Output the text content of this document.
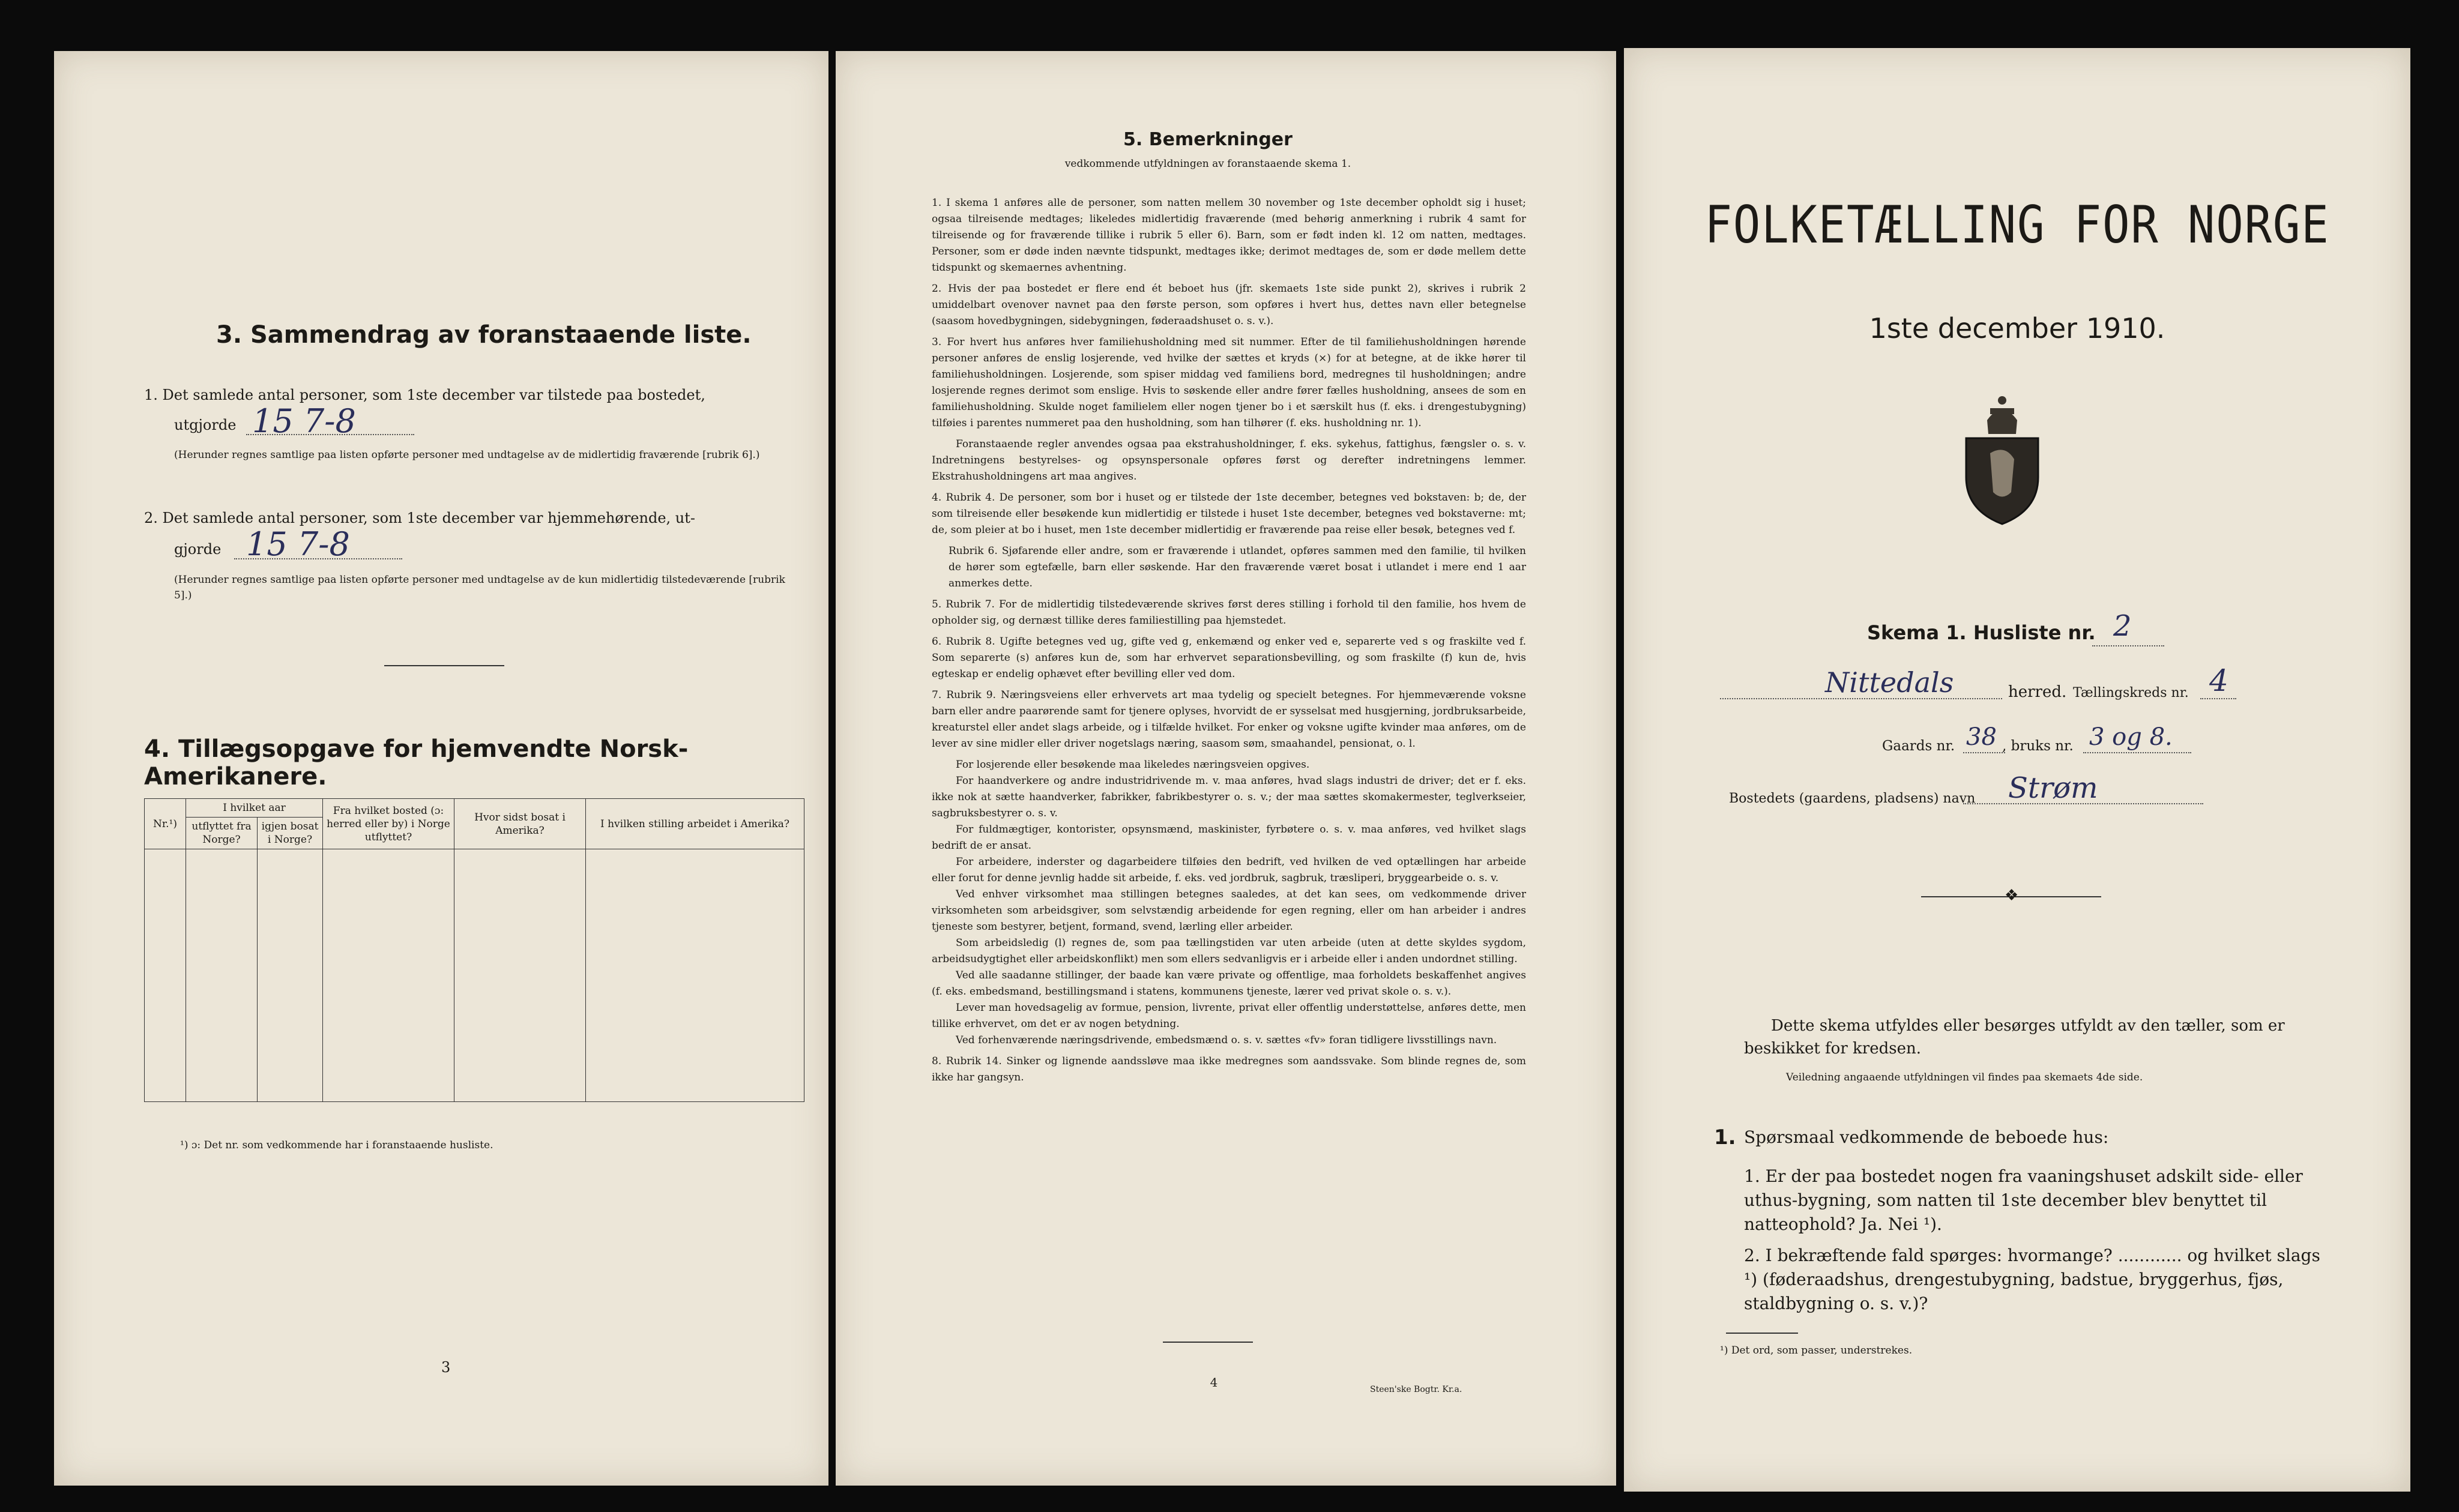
3. Sammendrag av foranstaaende liste.
1. Det samlede antal personer, som 1ste december var tilstede paa bostedet,
utgjorde 15 7-8
(Herunder regnes samtlige paa listen opførte personer med undtagelse av de midlertidig fraværende [rubrik 6].)
2. Det samlede antal personer, som 1ste december var hjemmehørende, ut-
gjorde 15 7-8
(Herunder regnes samtlige paa listen opførte personer med undtagelse av de kun midlertidig tilstedeværende [rubrik 5].)
4. Tillægsopgave for hjemvendte Norsk-Amerikanere.
Nr.¹)	I hvilket aar		Fra hvilket bosted (ɔ: herred eller by) i Norge utflyttet?	Hvor sidst bosat i Amerika?	I hvilken stilling arbeidet i Amerika?
	utflyttet fra Norge?	igjen bosat i Norge?			

¹) ɔ: Det nr. som vedkommende har i foranstaaende husliste.
3
5. Bemerkninger
vedkommende utfyldningen av foranstaaende skema 1.

1. I skema 1 anføres alle de personer, som natten mellem 30 november og 1ste december opholdt sig i huset; ogsaa tilreisende medtages; likeledes midlertidig fraværende (med behørig anmerkning i rubrik 4 samt for tilreisende og for fraværende tillike i rubrik 5 eller 6). Barn, som er født inden kl. 12 om natten, medtages. Personer, som er døde inden nævnte tidspunkt, medtages ikke; derimot medtages de, som er døde mellem dette tidspunkt og skemaernes avhentning.

2. Hvis der paa bostedet er flere end ét beboet hus (jfr. skemaets 1ste side punkt 2), skrives i rubrik 2 umiddelbart ovenover navnet paa den første person, som opføres i hvert hus, dettes navn eller betegnelse (saasom hovedbygningen, sidebygningen, føderaadshuset o. s. v.).

3. For hvert hus anføres hver familiehusholdning med sit nummer. Efter de til familiehusholdningen hørende personer anføres de enslig losjerende, ved hvilke der sættes et kryds (×) for at betegne, at de ikke hører til familiehusholdningen. Losjerende, som spiser middag ved familiens bord, medregnes til husholdningen; andre losjerende regnes derimot som enslige. Hvis to søskende eller andre fører fælles husholdning, ansees de som en familiehusholdning. Skulde noget familielem eller nogen tjener bo i et særskilt hus (f. eks. i drengestubygning) tilføies i parentes nummeret paa den husholdning, som han tilhører (f. eks. husholdning nr. 1).

Foranstaaende regler anvendes ogsaa paa ekstrahusholdninger, f. eks. sykehus, fattighus, fængsler o. s. v. Indretningens bestyrelses- og opsynspersonale opføres først og derefter indretningens lemmer. Ekstrahusholdningens art maa angives.

4. Rubrik 4. De personer, som bor i huset og er tilstede der 1ste december, betegnes ved bokstaven: b; de, der som tilreisende eller besøkende kun midlertidig er tilstede i huset 1ste december, betegnes ved bokstaverne: mt; de, som pleier at bo i huset, men 1ste december midlertidig er fraværende paa reise eller besøk, betegnes ved f.

Rubrik 6. Sjøfarende eller andre, som er fraværende i utlandet, opføres sammen med den familie, til hvilken de hører som egtefælle, barn eller søskende. Har den fraværende været bosat i utlandet i mere end 1 aar anmerkes dette.

5. Rubrik 7. For de midlertidig tilstedeværende skrives først deres stilling i forhold til den familie, hos hvem de opholder sig, og dernæst tillike deres familiestilling paa hjemstedet.

6. Rubrik 8. Ugifte betegnes ved ug, gifte ved g, enkemænd og enker ved e, separerte ved s og fraskilte ved f. Som separerte (s) anføres kun de, som har erhvervet separationsbevilling, og som fraskilte (f) kun de, hvis egteskap er endelig ophævet efter bevilling eller ved dom.

7. Rubrik 9. Næringsveiens eller erhvervets art maa tydelig og specielt betegnes. For hjemmeværende voksne barn eller andre paarørende samt for tjenere oplyses, hvorvidt de er sysselsat med husgjerning, jordbruksarbeide, kreaturstel eller andet slags arbeide, og i tilfælde hvilket. For enker og voksne ugifte kvinder maa anføres, om de lever av sine midler eller driver nogetslags næring, saasom søm, smaahandel, pensionat, o. l.

For losjerende eller besøkende maa likeledes næringsveien opgives.

For haandverkere og andre industridrivende m. v. maa anføres, hvad slags industri de driver; det er f. eks. ikke nok at sætte haandverker, fabrikker, fabrikbestyrer o. s. v.; der maa sættes skomakermester, teglverkseier, sagbruksbestyrer o. s. v.

For fuldmægtiger, kontorister, opsynsmænd, maskinister, fyrbøtere o. s. v. maa anføres, ved hvilket slags bedrift de er ansat.

For arbeidere, inderster og dagarbeidere tilføies den bedrift, ved hvilken de ved optællingen har arbeide eller forut for denne jevnlig hadde sit arbeide, f. eks. ved jordbruk, sagbruk, træsliperi, bryggearbeide o. s. v.

Ved enhver virksomhet maa stillingen betegnes saaledes, at det kan sees, om vedkommende driver virksomheten som arbeidsgiver, som selvstændig arbeidende for egen regning, eller om han arbeider i andres tjeneste som bestyrer, betjent, formand, svend, lærling eller arbeider.

Som arbeidsledig (l) regnes de, som paa tællingstiden var uten arbeide (uten at dette skyldes sygdom, arbeidsudygtighet eller arbeidskonflikt) men som ellers sedvanligvis er i arbeide eller i anden undordnet stilling.

Ved alle saadanne stillinger, der baade kan være private og offentlige, maa forholdets beskaffenhet angives (f. eks. embedsmand, bestillingsmand i statens, kommunens tjeneste, lærer ved privat skole o. s. v.).

Lever man hovedsagelig av formue, pension, livrente, privat eller offentlig understøttelse, anføres dette, men tillike erhvervet, om det er av nogen betydning.

Ved forhenværende næringsdrivende, embedsmænd o. s. v. sættes «fv» foran tidligere livsstillings navn.

8. Rubrik 14. Sinker og lignende aandssløve maa ikke medregnes som aandssvake. Som blinde regnes de, som ikke har gangsyn.

4	Steen'ske Bogtr. Kr.a.
FOLKETÆLLING FOR NORGE
1ste december 1910.
Skema 1. Husliste nr. 2
Nittedals	herred. Tællingskreds nr. 4
Gaards nr. 38 , bruks nr. 3 og 8.
Bostedets (gaardens, pladsens) navn Strøm
❖
Dette skema utfyldes eller besørges utfyldt av den tæller, som er beskikket for kredsen.
Veiledning angaaende utfyldningen vil findes paa skemaets 4de side.
1. Spørsmaal vedkommende de beboede hus:
1. Er der paa bostedet nogen fra vaaningshuset adskilt side- eller uthus-bygning, som natten til 1ste december blev benyttet til natteophold? Ja. Nei ¹).
2. I bekræftende fald spørges: hvormange? ............ og hvilket slags ¹) (føderaadshus, drengestubygning, badstue, bryggerhus, fjøs, staldbygning o. s. v.)?
¹) Det ord, som passer, understrekes.
